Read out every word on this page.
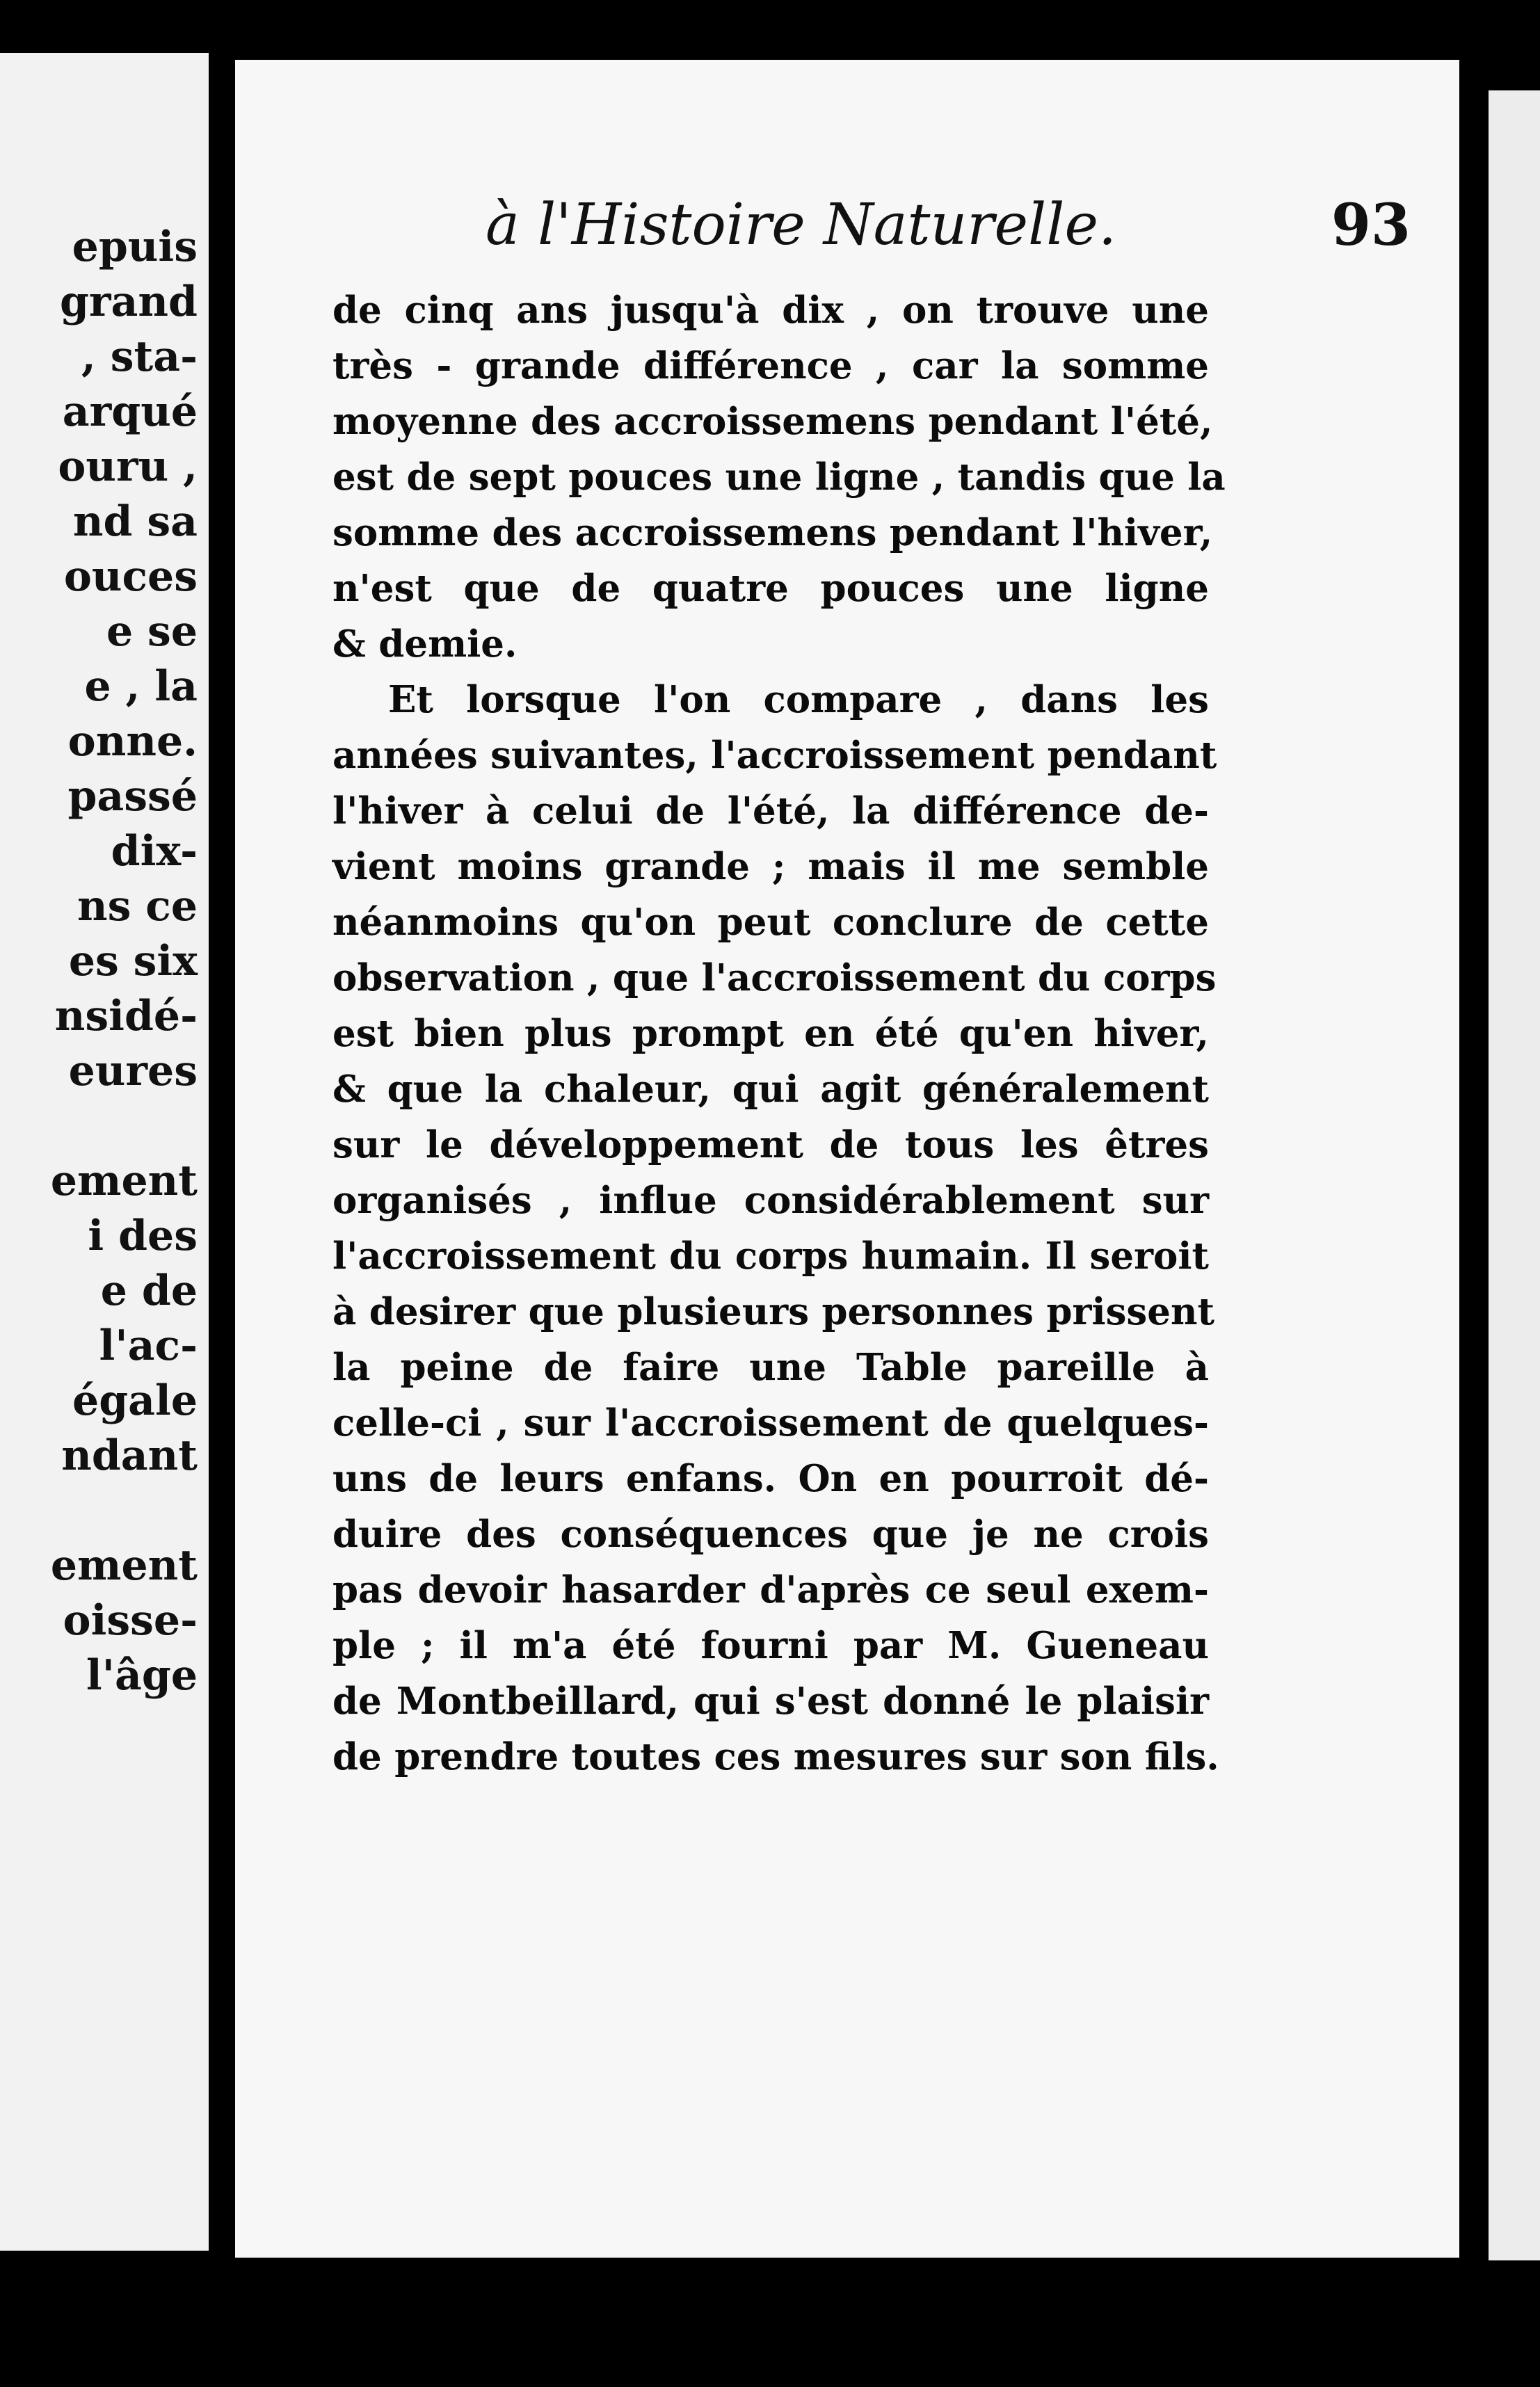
epuis
grand
, sta-
arqué
ouru ,
nd sa
ouces
e se
e , la
onne.
passé
dix-
ns ce
es six
nsidé-
eures
ement
i des
e de
l'ac-
égale
ndant
ement
oisse-
l'âge
à l'Histoire Naturelle.	93
de cinq ans jusqu'à dix , on trouve une
très - grande différence , car la somme
moyenne des accroissemens pendant l'été,
est de sept pouces une ligne , tandis que la
somme des accroissemens pendant l'hiver,
n'est que de quatre pouces une ligne
& demie.
Et lorsque l'on compare , dans les
années suivantes, l'accroissement pendant
l'hiver à celui de l'été, la différence de-
vient moins grande ; mais il me semble
néanmoins qu'on peut conclure de cette
observation , que l'accroissement du corps
est bien plus prompt en été qu'en hiver,
& que la chaleur, qui agit généralement
sur le développement de tous les êtres
organisés , influe considérablement sur
l'accroissement du corps humain. Il seroit
à desirer que plusieurs personnes prissent
la peine de faire une Table pareille à
celle-ci , sur l'accroissement de quelques-
uns de leurs enfans. On en pourroit dé-
duire des conséquences que je ne crois
pas devoir hasarder d'après ce seul exem-
ple ; il m'a été fourni par M. Gueneau
de Montbeillard, qui s'est donné le plaisir
de prendre toutes ces mesures sur son fils.
